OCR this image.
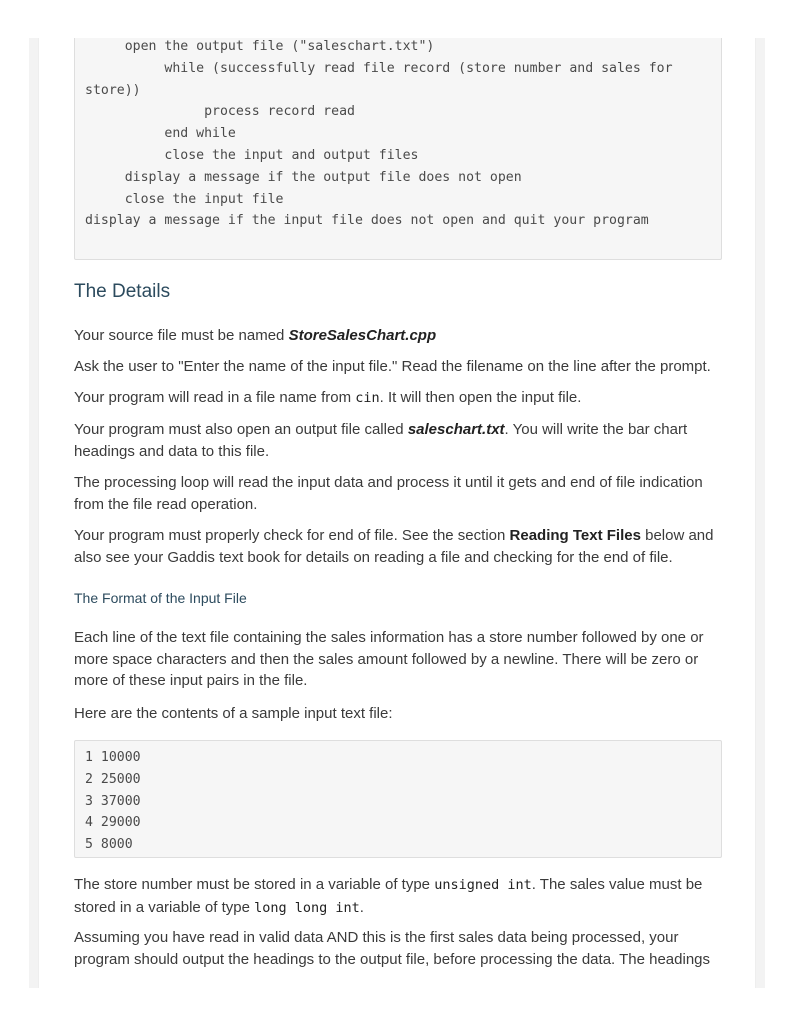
open the output file ("saleschart.txt")
while (successfully read file record (store number and sales for store))
process record read
end while
close the input and output files
display a message if the output file does not open
close the input file
display a message if the input file does not open and quit your program
The Details

Your source file must be named StoreSalesChart.cpp

Ask the user to "Enter the name of the input file." Read the filename on the line after the prompt.

Your program will read in a file name from cin. It will then open the input file.

Your program must also open an output file called saleschart.txt. You will write the bar chart headings and data to this file.

The processing loop will read the input data and process it until it gets and end of file indication from the file read operation.

Your program must properly check for end of file. See the section Reading Text Files below and also see your Gaddis text book for details on reading a file and checking for the end of file.

The Format of the Input File

Each line of the text file containing the sales information has a store number followed by one or more space characters and then the sales amount followed by a newline. There will be zero or more of these input pairs in the file.

Here are the contents of a sample input text file:

1 10000
2 25000
3 37000
4 29000
5 8000

The store number must be stored in a variable of type unsigned int. The sales value must be stored in a variable of type long long int.

Assuming you have read in valid data AND this is the first sales data being processed, your program should output the headings to the output file, before processing the data. The headings
